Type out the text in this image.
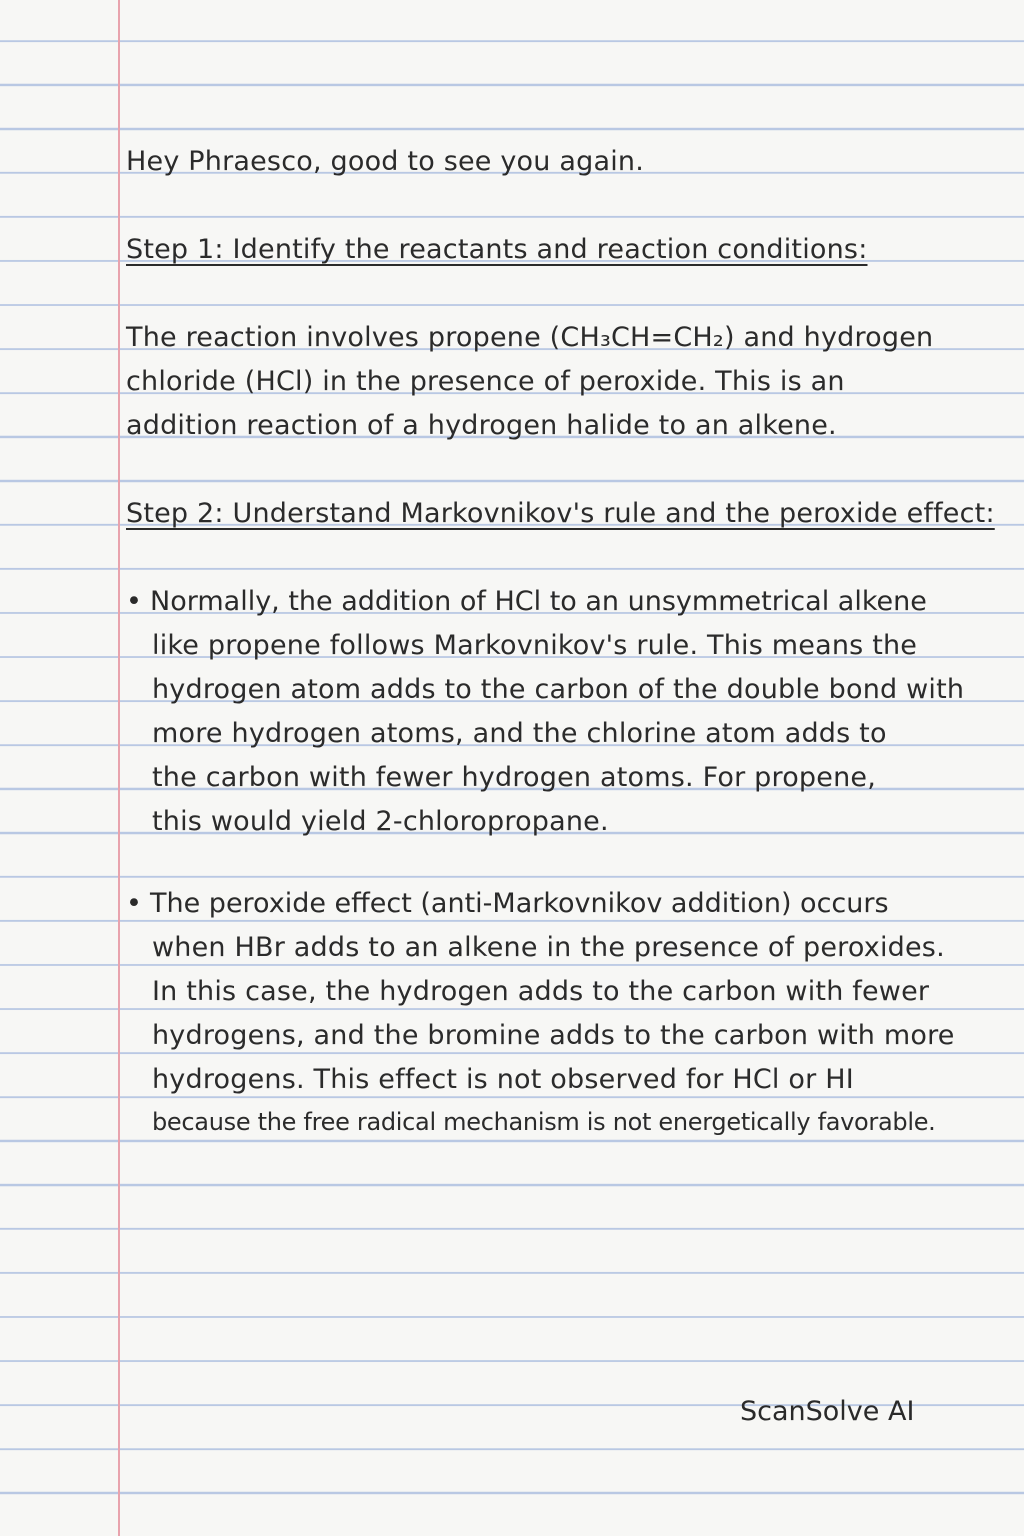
Hey Phraesco, good to see you again.
Step 1: Identify the reactants and reaction conditions:
The reaction involves propene (CH₃CH=CH₂) and hydrogen
chloride (HCl) in the presence of peroxide. This is an
addition reaction of a hydrogen halide to an alkene.
Step 2: Understand Markovnikov's rule and the peroxide effect:
• Normally, the addition of HCl to an unsymmetrical alkene
like propene follows Markovnikov's rule. This means the
hydrogen atom adds to the carbon of the double bond with
more hydrogen atoms, and the chlorine atom adds to
the carbon with fewer hydrogen atoms. For propene,
this would yield 2-chloropropane.
• The peroxide effect (anti-Markovnikov addition) occurs
when HBr adds to an alkene in the presence of peroxides.
In this case, the hydrogen adds to the carbon with fewer
hydrogens, and the bromine adds to the carbon with more
hydrogens. This effect is not observed for HCl or HI
because the free radical mechanism is not energetically favorable.
ScanSolve AI
